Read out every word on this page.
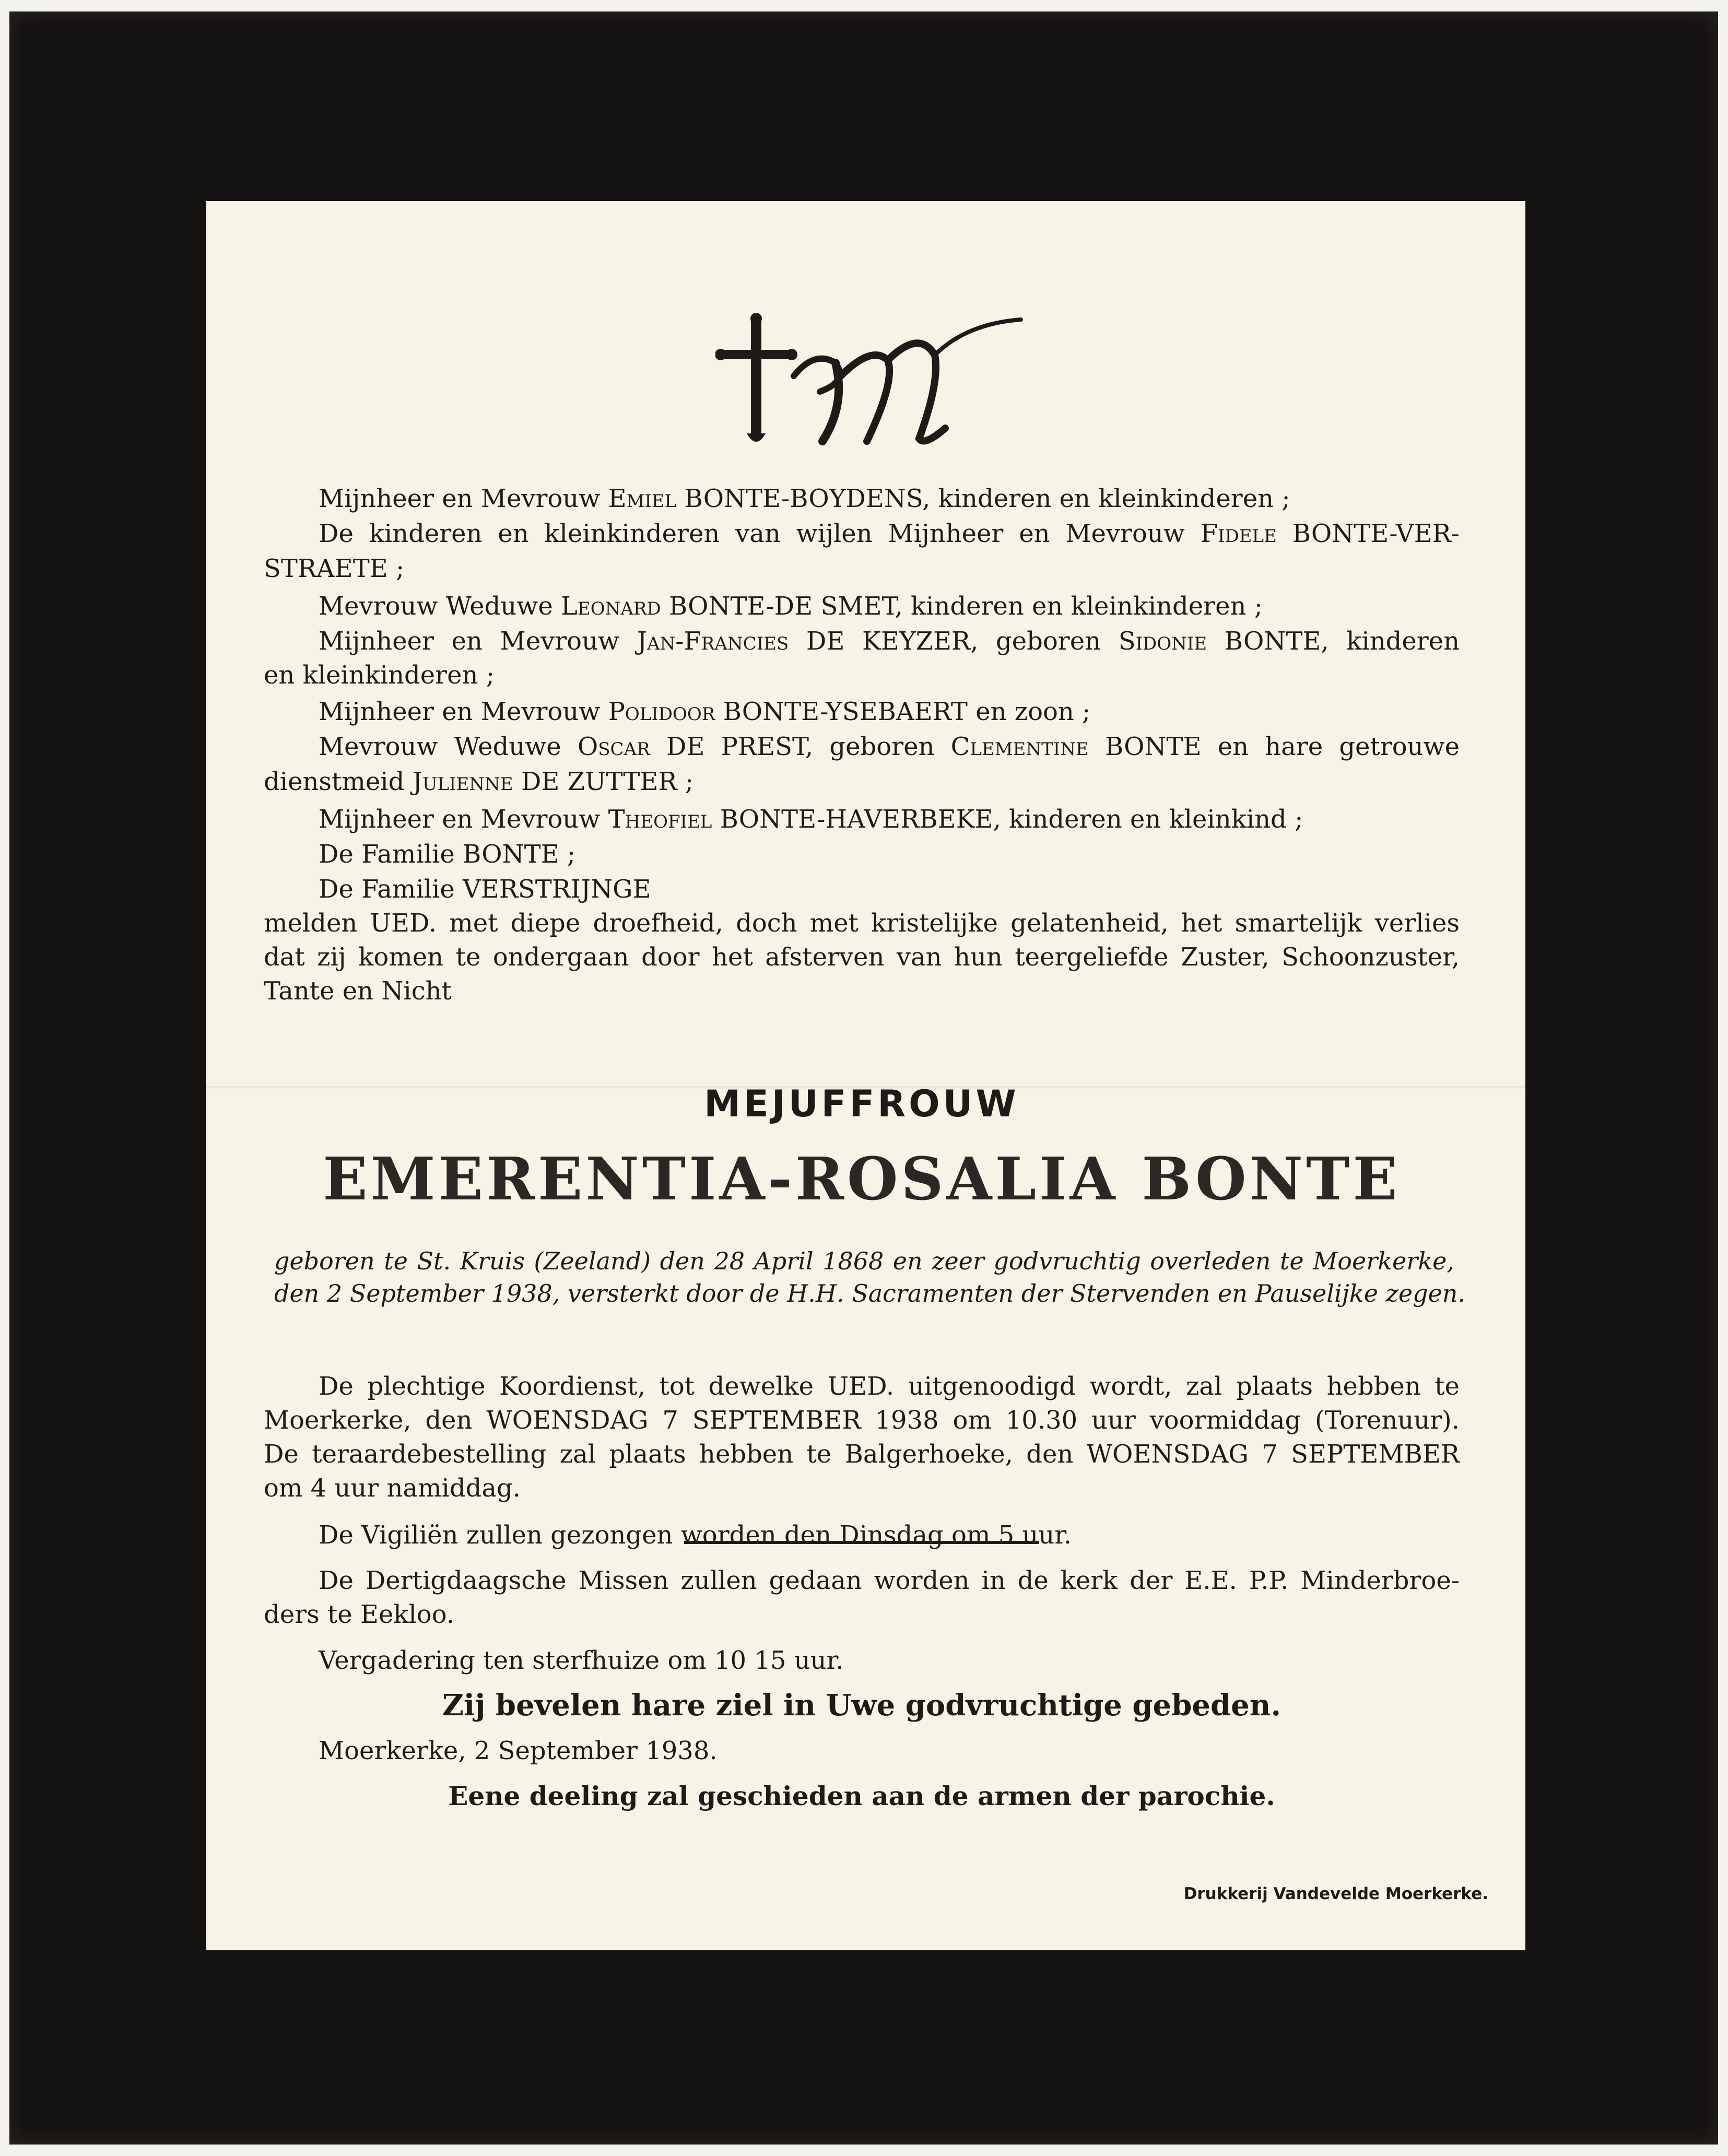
Mijnheer en Mevrouw Emiel BONTE-BOYDENS, kinderen en kleinkinderen ;
De kinderen en kleinkinderen van wijlen Mijnheer en Mevrouw Fidele BONTE-VER-
STRAETE ;
Mevrouw Weduwe Leonard BONTE-DE SMET, kinderen en kleinkinderen ;
Mijnheer en Mevrouw Jan-Francies DE KEYZER, geboren Sidonie BONTE, kinderen
en kleinkinderen ;
Mijnheer en Mevrouw Polidoor BONTE-YSEBAERT en zoon ;
Mevrouw Weduwe Oscar DE PREST, geboren Clementine BONTE en hare getrouwe
dienstmeid Julienne DE ZUTTER ;
Mijnheer en Mevrouw Theofiel BONTE-HAVERBEKE, kinderen en kleinkind ;
De Familie BONTE ;
De Familie VERSTRIJNGE
melden UED. met diepe droefheid, doch met kristelijke gelatenheid, het smartelijk verlies
dat zij komen te ondergaan door het afsterven van hun teergeliefde Zuster, Schoonzuster,
Tante en Nicht
MEJUFFROUW
EMERENTIA-ROSALIA BONTE
geboren te St. Kruis (Zeeland) den 28 April 1868 en zeer godvruchtig overleden te Moerkerke,
den 2 September 1938, versterkt door de H.H. Sacramenten der Stervenden en Pauselijke zegen.
De plechtige Koordienst, tot dewelke UED. uitgenoodigd wordt, zal plaats hebben te
Moerkerke, den WOENSDAG 7 SEPTEMBER 1938 om 10.30 uur voormiddag (Torenuur).
De teraardebestelling zal plaats hebben te Balgerhoeke, den WOENSDAG 7 SEPTEMBER
om 4 uur namiddag.
De Vigiliën zullen gezongen worden den Dinsdag om 5 uur.
De Dertigdaagsche Missen zullen gedaan worden in de kerk der E.E. P.P. Minderbroe-
ders te Eekloo.
Vergadering ten sterfhuize om 10 15 uur.
Zij bevelen hare ziel in Uwe godvruchtige gebeden.
Moerkerke, 2 September 1938.
Eene deeling zal geschieden aan de armen der parochie.
Drukkerij Vandevelde Moerkerke.
